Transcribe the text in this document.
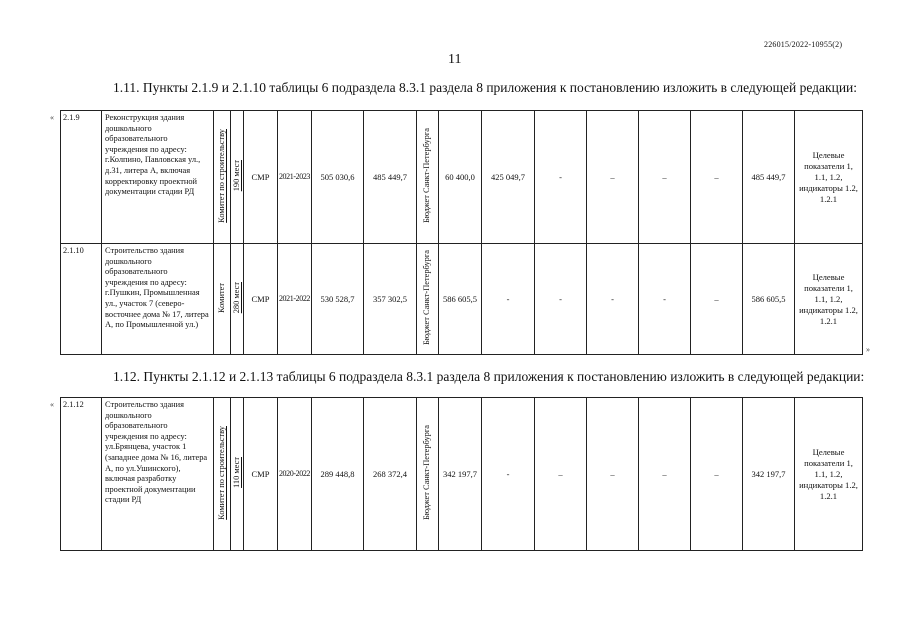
226015/2022-10955(2)
11
1.11. Пункты 2.1.9 и 2.1.10 таблицы 6 подраздела 8.3.1 раздела 8 приложения к постановлению изложить в следующей редакции:
1.12. Пункты 2.1.12 и 2.1.13 таблицы 6 подраздела 8.3.1 раздела 8 приложения к постановлению изложить в следующей редакции:
«
»
«
2.1.9	Реконструкция здания дошкольного образовательного учреждения по адресу: г.Колпино, Павловская ул., д.31, литера А, включая корректировку проектной документации стадии РД	Комитет по строительству	190 мест	СМР	2021-2023	505 030,6	485 449,7	Бюджет Санкт-Петербурга	60 400,0	425 049,7	-	–	–	–	485 449,7	Целевые показатели 1, 1.1, 1.2, индикаторы 1.2, 1.2.1
2.1.10	Строительство здания дошкольного образовательного учреждения по адресу: г.Пушкин, Промышленная ул., участок 7 (северо-восточнее дома № 17, литера А, по Промышленной ул.)	Комитет	280 мест	СМР	2021-2022	530 528,7	357 302,5	Бюджет Санкт-Петербурга	586 605,5	-	-	-	-	–	586 605,5	Целевые показатели 1, 1.1, 1.2, индикаторы 1.2, 1.2.1
2.1.12	Строительство здания дошкольного образовательного учреждения по адресу: ул.Брянцева, участок 1 (западнее дома № 16, литера А, по ул.Ушинского), включая разработку проектной документации стадии РД	Комитет по строительству	110 мест	СМР	2020-2022	289 448,8	268 372,4	Бюджет Санкт-Петербурга	342 197,7	-	–	–	–	–	342 197,7	Целевые показатели 1, 1.1, 1.2, индикаторы 1.2, 1.2.1
